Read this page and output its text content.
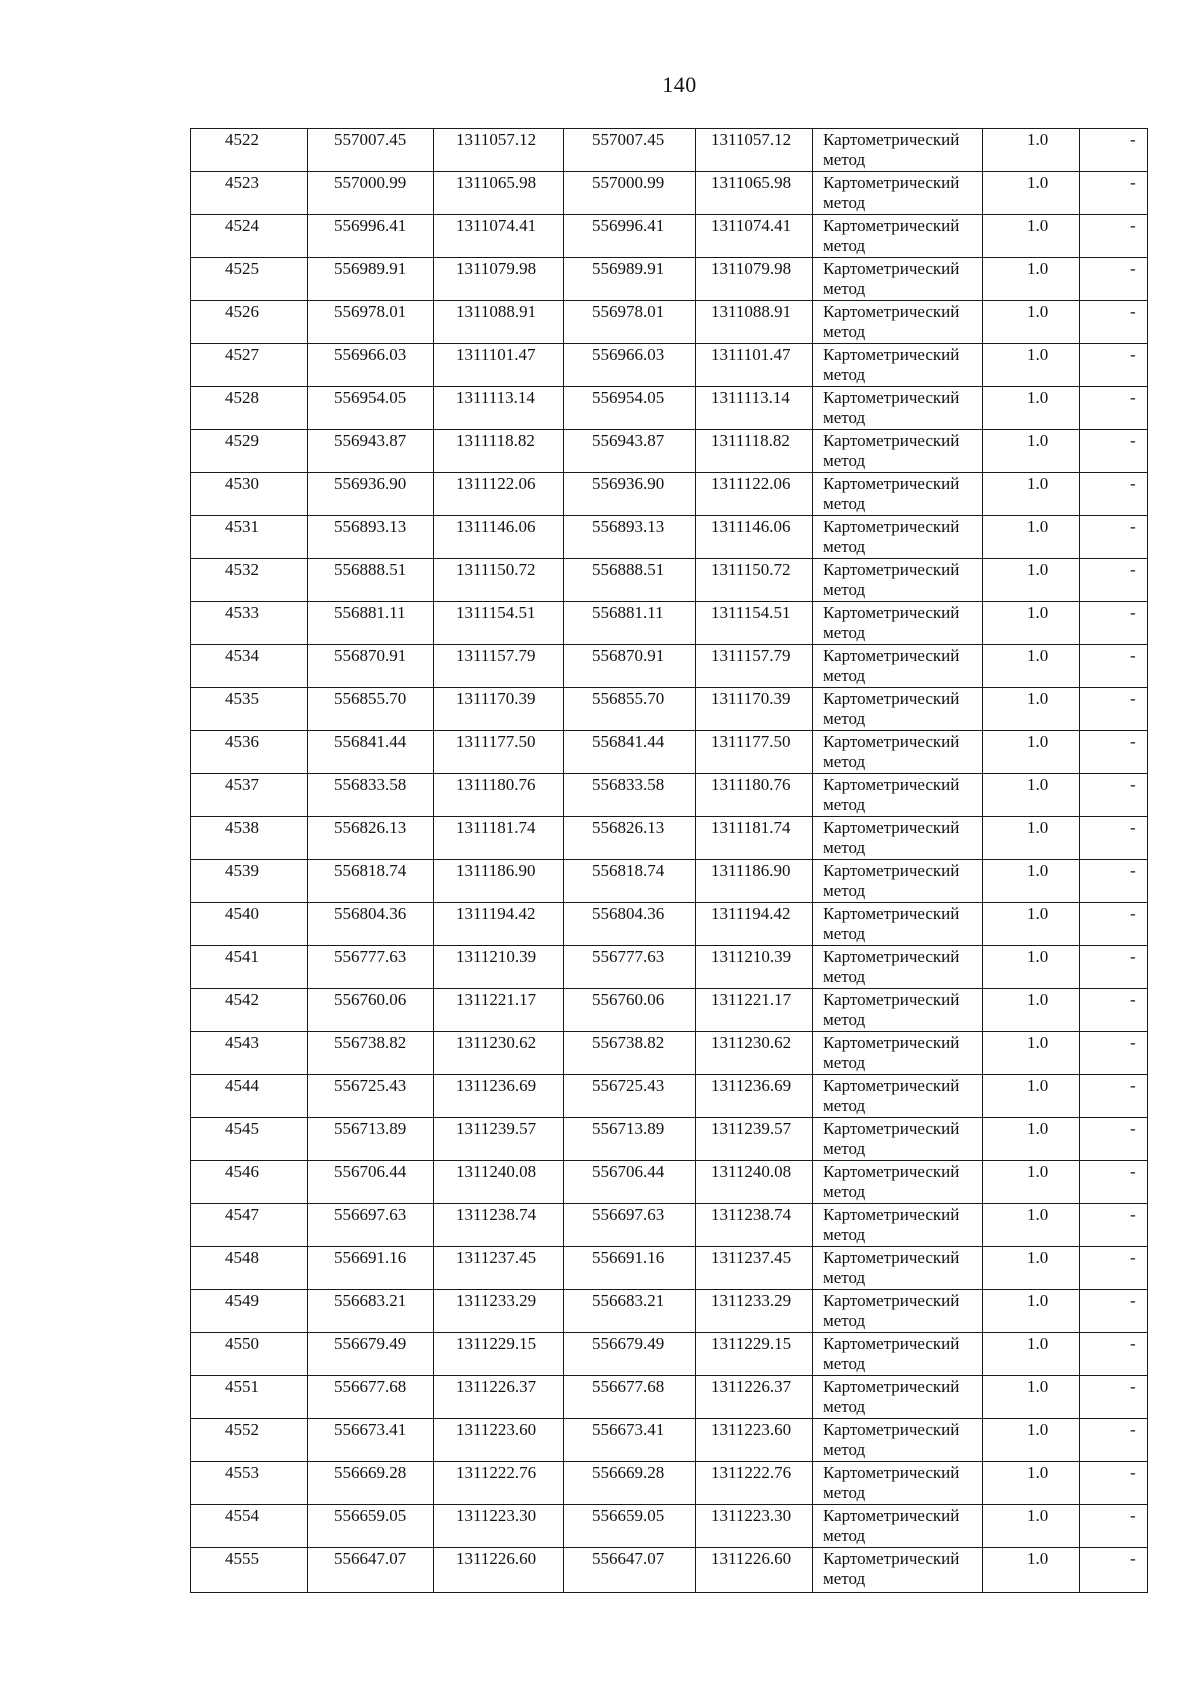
140
4522	557007.45	1311057.12	557007.45	1311057.12	Картометрический метод	1.0	-
4523	557000.99	1311065.98	557000.99	1311065.98	Картометрический метод	1.0	-
4524	556996.41	1311074.41	556996.41	1311074.41	Картометрический метод	1.0	-
4525	556989.91	1311079.98	556989.91	1311079.98	Картометрический метод	1.0	-
4526	556978.01	1311088.91	556978.01	1311088.91	Картометрический метод	1.0	-
4527	556966.03	1311101.47	556966.03	1311101.47	Картометрический метод	1.0	-
4528	556954.05	1311113.14	556954.05	1311113.14	Картометрический метод	1.0	-
4529	556943.87	1311118.82	556943.87	1311118.82	Картометрический метод	1.0	-
4530	556936.90	1311122.06	556936.90	1311122.06	Картометрический метод	1.0	-
4531	556893.13	1311146.06	556893.13	1311146.06	Картометрический метод	1.0	-
4532	556888.51	1311150.72	556888.51	1311150.72	Картометрический метод	1.0	-
4533	556881.11	1311154.51	556881.11	1311154.51	Картометрический метод	1.0	-
4534	556870.91	1311157.79	556870.91	1311157.79	Картометрический метод	1.0	-
4535	556855.70	1311170.39	556855.70	1311170.39	Картометрический метод	1.0	-
4536	556841.44	1311177.50	556841.44	1311177.50	Картометрический метод	1.0	-
4537	556833.58	1311180.76	556833.58	1311180.76	Картометрический метод	1.0	-
4538	556826.13	1311181.74	556826.13	1311181.74	Картометрический метод	1.0	-
4539	556818.74	1311186.90	556818.74	1311186.90	Картометрический метод	1.0	-
4540	556804.36	1311194.42	556804.36	1311194.42	Картометрический метод	1.0	-
4541	556777.63	1311210.39	556777.63	1311210.39	Картометрический метод	1.0	-
4542	556760.06	1311221.17	556760.06	1311221.17	Картометрический метод	1.0	-
4543	556738.82	1311230.62	556738.82	1311230.62	Картометрический метод	1.0	-
4544	556725.43	1311236.69	556725.43	1311236.69	Картометрический метод	1.0	-
4545	556713.89	1311239.57	556713.89	1311239.57	Картометрический метод	1.0	-
4546	556706.44	1311240.08	556706.44	1311240.08	Картометрический метод	1.0	-
4547	556697.63	1311238.74	556697.63	1311238.74	Картометрический метод	1.0	-
4548	556691.16	1311237.45	556691.16	1311237.45	Картометрический метод	1.0	-
4549	556683.21	1311233.29	556683.21	1311233.29	Картометрический метод	1.0	-
4550	556679.49	1311229.15	556679.49	1311229.15	Картометрический метод	1.0	-
4551	556677.68	1311226.37	556677.68	1311226.37	Картометрический метод	1.0	-
4552	556673.41	1311223.60	556673.41	1311223.60	Картометрический метод	1.0	-
4553	556669.28	1311222.76	556669.28	1311222.76	Картометрический метод	1.0	-
4554	556659.05	1311223.30	556659.05	1311223.30	Картометрический метод	1.0	-
4555	556647.07	1311226.60	556647.07	1311226.60	Картометрический метод	1.0	-
